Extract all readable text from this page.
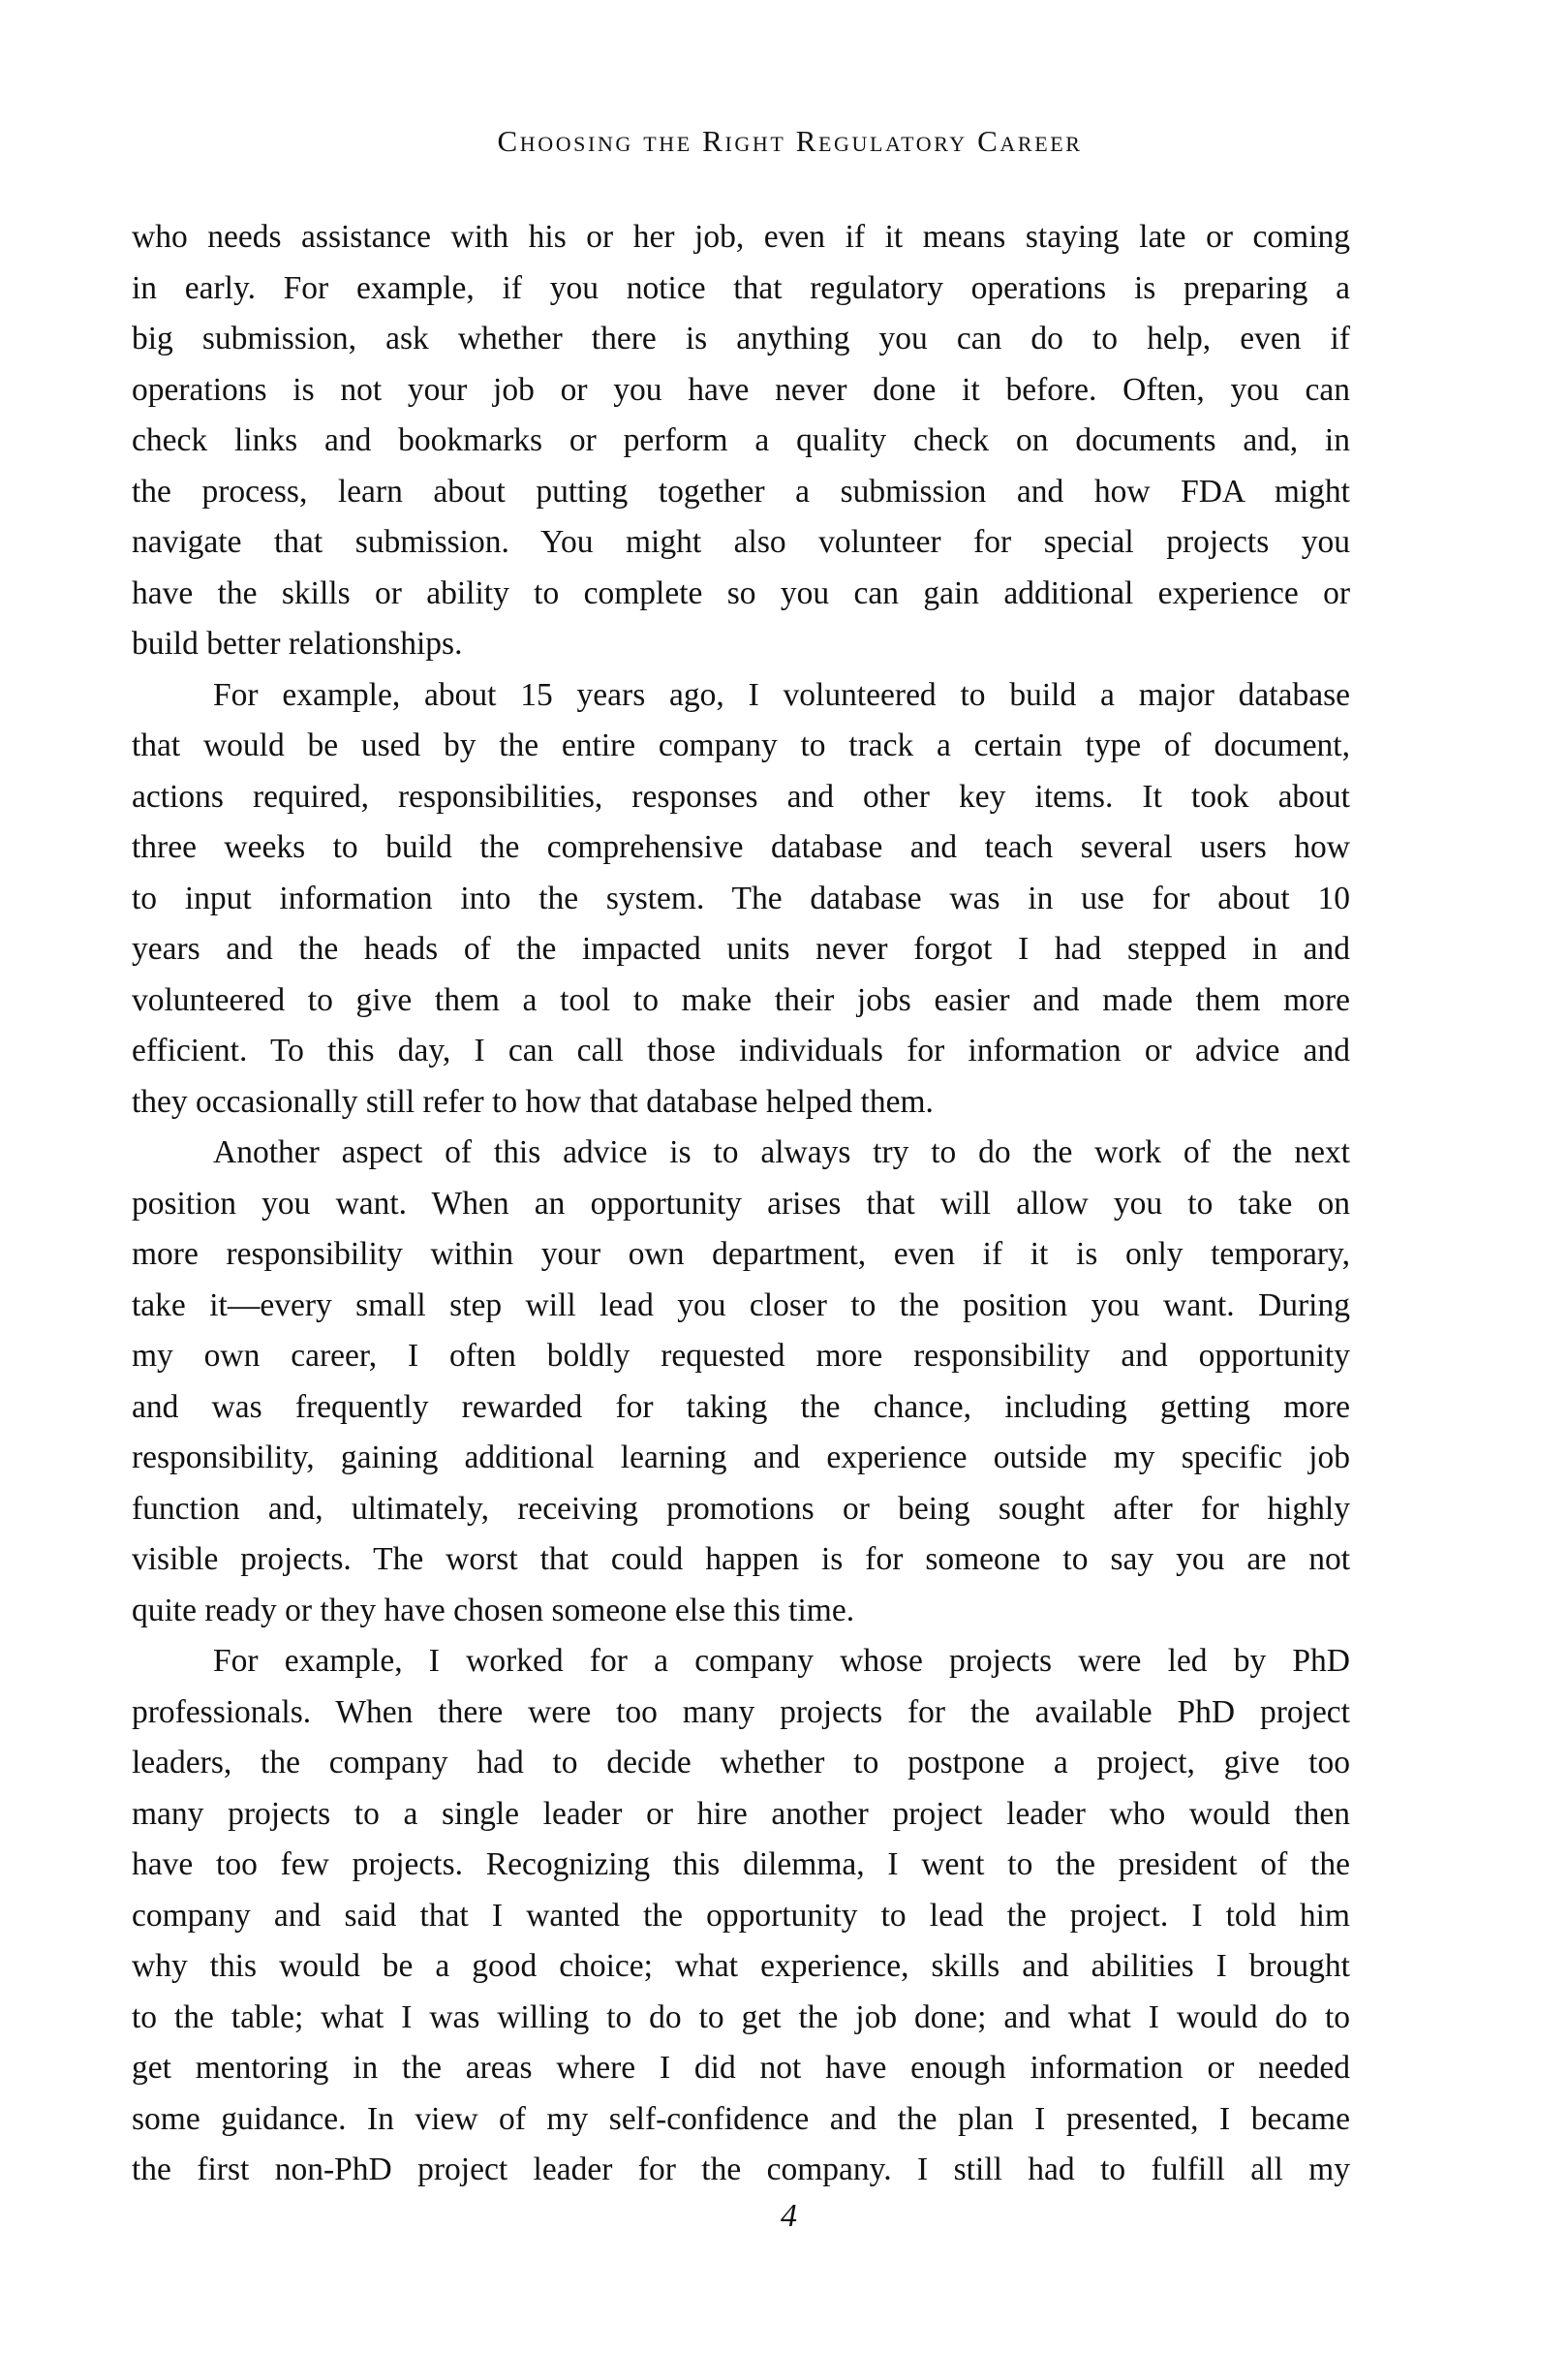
Choosing the Right Regulatory Career
who needs assistance with his or her job, even if it means staying late or coming
in early. For example, if you notice that regulatory operations is preparing a
big submission, ask whether there is anything you can do to help, even if
operations is not your job or you have never done it before. Often, you can
check links and bookmarks or perform a quality check on documents and, in
the process, learn about putting together a submission and how FDA might
navigate that submission. You might also volunteer for special projects you
have the skills or ability to complete so you can gain additional experience or
build better relationships.
For example, about 15 years ago, I volunteered to build a major database
that would be used by the entire company to track a certain type of document,
actions required, responsibilities, responses and other key items. It took about
three weeks to build the comprehensive database and teach several users how
to input information into the system. The database was in use for about 10
years and the heads of the impacted units never forgot I had stepped in and
volunteered to give them a tool to make their jobs easier and made them more
efficient. To this day, I can call those individuals for information or advice and
they occasionally still refer to how that database helped them.
Another aspect of this advice is to always try to do the work of the next
position you want. When an opportunity arises that will allow you to take on
more responsibility within your own department, even if it is only temporary,
take it—every small step will lead you closer to the position you want. During
my own career, I often boldly requested more responsibility and opportunity
and was frequently rewarded for taking the chance, including getting more
responsibility, gaining additional learning and experience outside my specific job
function and, ultimately, receiving promotions or being sought after for highly
visible projects. The worst that could happen is for someone to say you are not
quite ready or they have chosen someone else this time.
For example, I worked for a company whose projects were led by PhD
professionals. When there were too many projects for the available PhD project
leaders, the company had to decide whether to postpone a project, give too
many projects to a single leader or hire another project leader who would then
have too few projects. Recognizing this dilemma, I went to the president of the
company and said that I wanted the opportunity to lead the project. I told him
why this would be a good choice; what experience, skills and abilities I brought
to the table; what I was willing to do to get the job done; and what I would do to
get mentoring in the areas where I did not have enough information or needed
some guidance. In view of my self-confidence and the plan I presented, I became
the first non-PhD project leader for the company. I still had to fulfill all my
4
